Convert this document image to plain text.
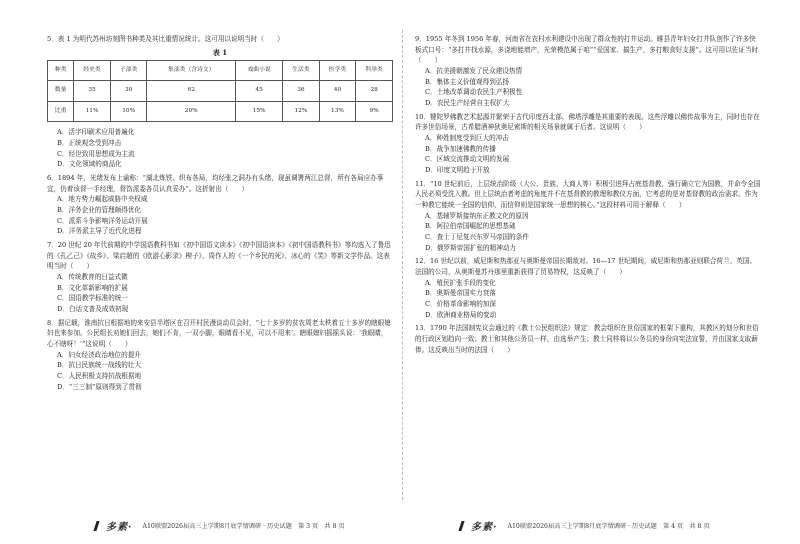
5．表 1 为明代苏州坊刻图书种类及其比重情况统计。这可用以说明当时（　　）
表 1
种类	经史类	子部类	集部类（含诗文）	戏曲小说	生活类	医学类	科举类
数量	35	30	62	45	36	40	28
比重	11%	10%	20%	15%	12%	13%	9%
A．活字印刷术应用普遍化
B．正统观念受到冲击
C．经世致用思想成为主流
D．文化领域的商品化
6．1894 年，光绪发布上谕称：“湖北炼铁、织布各局，均经张之洞办有头绪，现虽调署两江总督，所有各局应办事宜，仍着该督一手经理，督饬派委各员认真妥办”。这折射出（　　）
A．地方势力崛起威胁中央权威
B．洋务企业的管理颇得优化
C．派系斗争影响洋务运动开展
D．洋务派主导了近代化进程
7．20 世纪 20 年代前期的中学国语教科书如《初中国语文读本》《初中国语读本》《初中国语教科书》等均选入了鲁迅的《孔乙己》《故乡》、梁启超的《欧游心影录》楔子》、周作人的《一个乡民的死》、冰心的《笑》等新文学作品。这表明当时（　　）
A．传统教育的日益式微
B．文化革新影响的扩展
C．国语教学标准的统一
D．白话文普及成效初现
8．据记载，淮南抗日根据地的来安县半塔区在召开村民漫谈动员会时，“七十多岁的贫农周老太秩着五十多岁的瞎眼媳妇也来参加。公民组长劝她们回去，她们不肯，一双小脚，眼睛看不见，可以不用来’。瞎眼媳妇摇摇头说：‘我眼睛，心不瞎呀！’”这说明（　　）
A．妇女经济政治地位的提升
B．抗日民族统一战线的壮大
C．人民积极支持抗战根据地
D．“三三制”原则得到了贯彻
9．1955 年冬到 1956 年春，河南省在农村水利建设中出现了群众性的打井运动。睢县青年妇女打井队创作了许多快板式口号：“多打井找水源，多浇地能增产，光荣模范属于咱”“爱国家、搞生产，多打粮食好支援”。这可用以佐证当时（　　）
A．抗美援朝激发了民众建设热情
B．集体主义价值观得到弘扬
C．土地改革调动农民生产积极性
D．农民生产经营自主权扩大
10．犍陀罗佛教艺术起源并繁荣于古代印度西北部，佛塔浮雕是其重要的表现。这些浮雕以佛传故事为主，同时也存在许多世俗场景，古希腊酒神狄奥尼索斯的相关场景就属于后者。这说明（　　）
A．种姓制度受到巨大的冲击
B．战争加速佛教的传播
C．区域交流推动文明的发展
D．印度文明趋于开放
11．“10 世纪前后，上层统治阶级（大公、贵族、大商人等）积极引进拜占庭基督教，强行确立它为国教，并命令全国人民必须受洗入教。但上层统治者考虑的角度并不在基督教的教理和教仪方面，它考虑的是对基督教的政治需求。作为一种教它能统一全国的信仰，而信仰则是国家统一思想的核心。”这段材料可用于解释（　　）
A．基辅罗斯接纳东正教文化的原因
B．阿拉伯帝国崛起的思想基础
C．查士丁尼复兴东罗马帝国的条件
D．俄罗斯帝国扩张的精神动力
12．16 世纪以前，威尼斯和热那亚与奥斯曼帝国长期敌对。16—17 世纪期间，威尼斯和热那亚则联合荷兰、英国、法国的公司，从奥斯曼苏丹那里重新获得了贸易特权，这反映了（　　）
A．殖民扩张手段的变化
B．奥斯曼帝国实力衰落
C．价格革命影响的加深
D．欧洲商业格局的变动
13．1790 年法国制宪议会通过的《教士公民组织法》规定：教会组织在世俗国家的框架下重构，其教区的划分和世俗的行政区划趋向一致；教士和其他公务员一样，由选举产生；教士同样将以公务员的身份向宪法宣誓，并由国家支取薪俸。这反映出当时的法国（　　）
多素· A10联盟2026届高三上学期8月底学情调研 · 历史试题　第 3 页　共 8 页	多素· A10联盟2026届高三上学期8月底学情调研 · 历史试题　第 4 页　共 8 页
